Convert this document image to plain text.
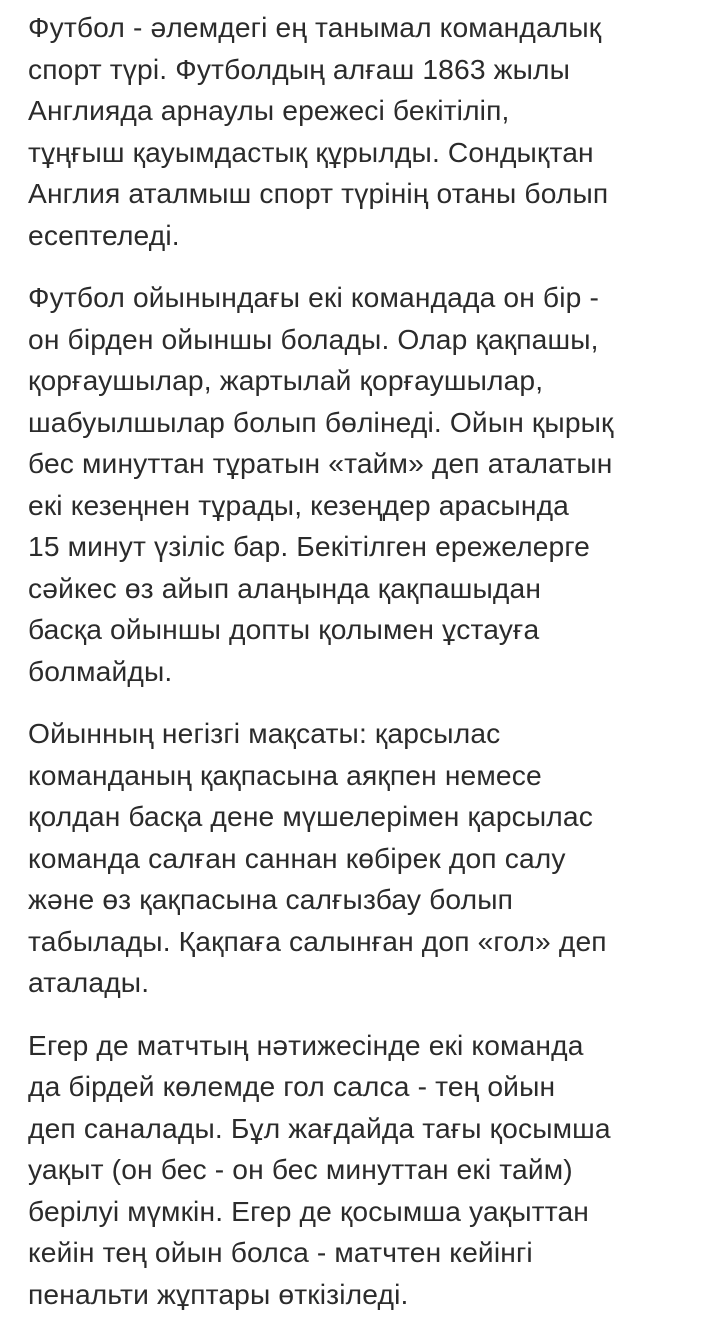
Футбол - әлемдегі ең танымал командалық
спорт түрі. Футболдың алғаш 1863 жылы
Англияда арнаулы ережесі бекітіліп,
тұңғыш қауымдастық құрылды. Сондықтан
Англия аталмыш спорт түрінің отаны болып
есептеледі.

Футбол ойынындағы екі командада он бір -
он бірден ойыншы болады. Олар қақпашы,
қорғаушылар, жартылай қорғаушылар,
шабуылшылар болып бөлінеді. Ойын қырық
бес минуттан тұратын «тайм» деп аталатын
екі кезеңнен тұрады, кезеңдер арасында
15 минут үзіліс бар. Бекітілген ережелерге
сәйкес өз айып алаңында қақпашыдан
басқа ойыншы допты қолымен ұстауға
болмайды.

Ойынның негізгі мақсаты: қарсылас
команданың қақпасына аяқпен немесе
қолдан басқа дене мүшелерімен қарсылас
команда салған саннан көбірек доп салу
және өз қақпасына салғызбау болып
табылады. Қақпаға салынған доп «гол» деп
аталады.

Егер де матчтың нәтижесінде екі команда
да бірдей көлемде гол салса - тең ойын
деп саналады. Бұл жағдайда тағы қосымша
уақыт (он бес - он бес минуттан екі тайм)
берілуі мүмкін. Егер де қосымша уақыттан
кейін тең ойын болса - матчтен кейінгі
пенальти жұптары өткізіледі.
